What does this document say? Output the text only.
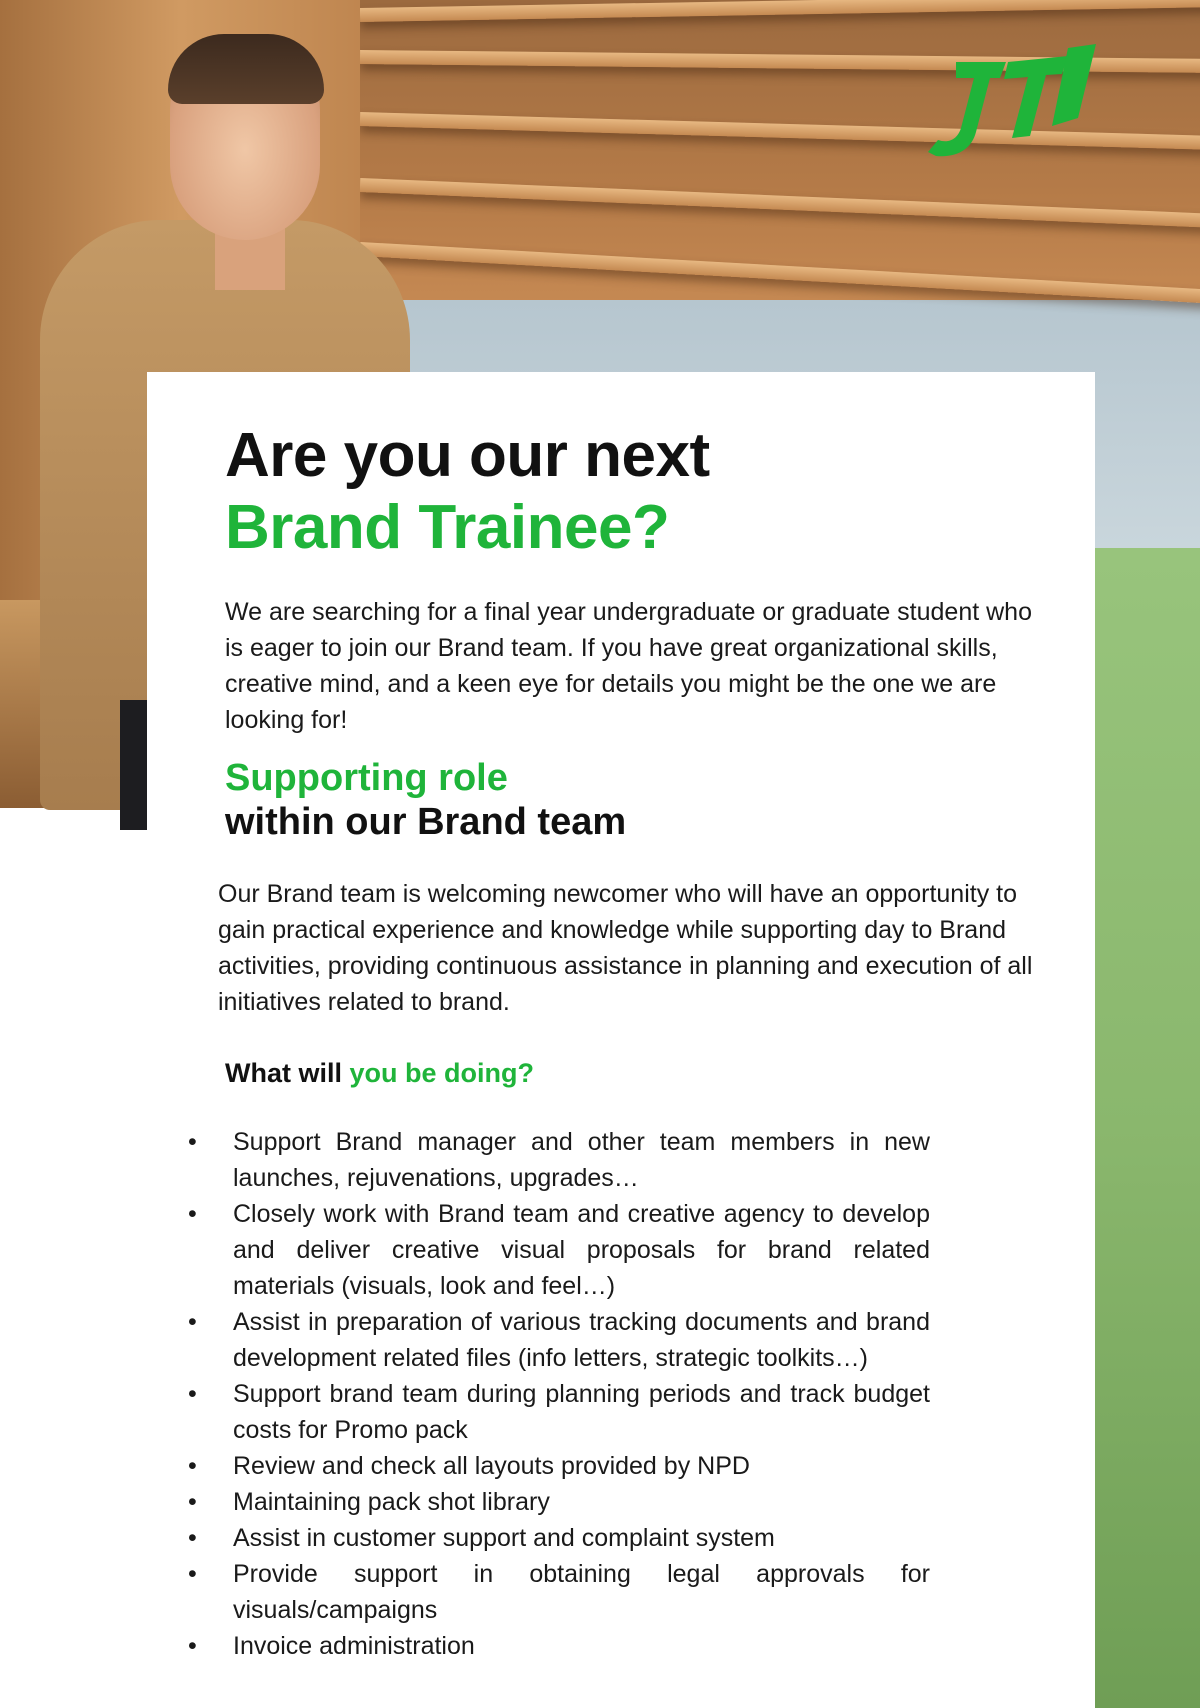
Are you our next
Brand Trainee?

We are searching for a final year undergraduate or graduate student who is eager to join our Brand team. If you have great organizational skills, creative mind, and a keen eye for details you might be the one we are looking for!

Supporting role
within our Brand team

Our Brand team is welcoming newcomer who will have an opportunity to gain practical experience and knowledge while supporting day to Brand activities, providing continuous assistance in planning and execution of all initiatives related to brand.

What will you be doing?
• Support Brand manager and other team members in new launches, rejuvenations, upgrades…
• Closely work with Brand team and creative agency to develop and deliver creative visual proposals for brand related materials (visuals, look and feel…)
• Assist in preparation of various tracking documents and brand development related files (info letters, strategic toolkits…)
• Support brand team during planning periods and track budget costs for Promo pack
• Review and check all layouts provided by NPD
• Maintaining pack shot library
• Assist in customer support and complaint system
• Provide support in obtaining legal approvals for visuals/campaigns
• Invoice administration
